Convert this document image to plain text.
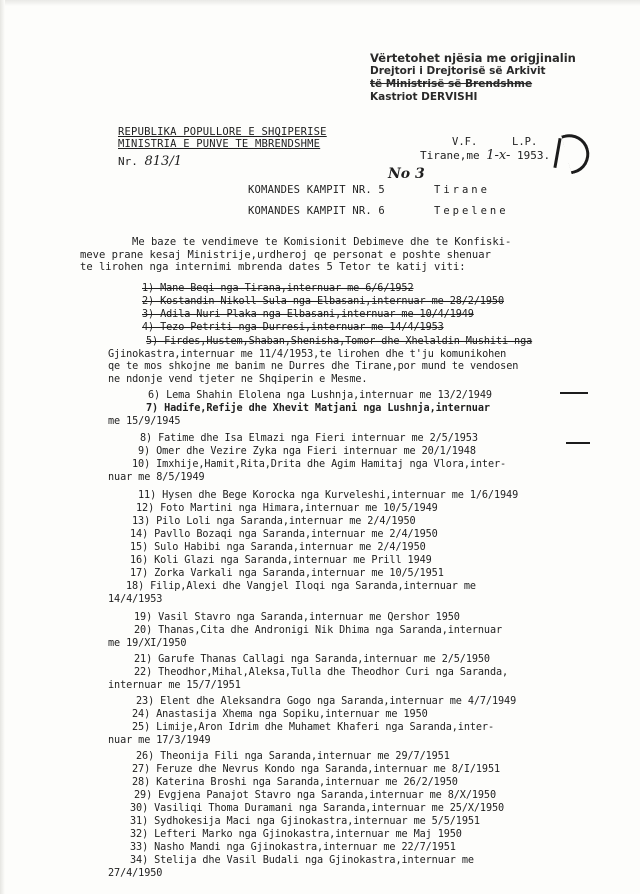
Vërtetohet njësia me origjinalin
Drejtori i Drejtorisë së Arkivit
të Ministrisë së Brendshme
Kastriot DERVISHI
REPUBLIKA POPULLORE E SHQIPERISE
MINISTRIA E PUNVE TE MBRENDSHME
Nr. 813/1
V.F.	L.P.
Tirane,me 1-x- 1953.
No 3
KOMANDES KAMPIT NR. 5	Tirane
KOMANDES KAMPIT NR. 6	Tepelene
Me baze te vendimeve te Komisionit Debimeve dhe te Konfiski-
meve prane kesaj Ministrije,urdheroj qe personat e poshte shenuar
te lirohen nga internimi mbrenda dates 5 Tetor te katij viti:
1) Mane Beqi nga Tirana,internuar me 6/6/1952
2) Kostandin Nikoll Sula nga Elbasani,internuar me 28/2/1950
3) Adila Nuri Plaka nga Elbasani,internuar me 10/4/1949
4) Tezo Petriti nga Durresi,internuar me 14/4/1953
5) Firdes,Hustem,Shaban,Shenisha,Tomor dhe Xhelaldin Mushiti nga
Gjinokastra,internuar me 11/4/1953,te lirohen dhe t'ju komunikohen
qe te mos shkojne me banim ne Durres dhe Tirane,por mund te vendosen
ne ndonje vend tjeter ne Shqiperin e Mesme.
6) Lema Shahin Elolena nga Lushnja,internuar me 13/2/1949
7) Hadife,Refije dhe Xhevit Matjani nga Lushnja,internuar
me 15/9/1945
8) Fatime dhe Isa Elmazi nga Fieri internuar me 2/5/1953
9) Omer dhe Vezire Zyka nga Fieri internuar me 20/1/1948
10) Imxhije,Hamit,Rita,Drita dhe Agim Hamitaj nga Vlora,inter-
nuar me 8/5/1949
11) Hysen dhe Bege Korocka nga Kurveleshi,internuar me 1/6/1949
12) Foto Martini nga Himara,internuar me 10/5/1949
13) Pilo Loli nga Saranda,internuar me 2/4/1950
14) Pavllo Bozaqi nga Saranda,internuar me 2/4/1950
15) Sulo Habibi nga Saranda,internuar me 2/4/1950
16) Koli Glazi nga Saranda,internuar me Prill 1949
17) Zorka Varkali nga Saranda,internuar me 10/5/1951
18) Filip,Alexi dhe Vangjel Iloqi nga Saranda,internuar me
14/4/1953
19) Vasil Stavro nga Saranda,internuar me Qershor 1950
20) Thanas,Cita dhe Andronigi Nik Dhima nga Saranda,internuar
me 19/XI/1950
21) Garufe Thanas Callagi nga Saranda,internuar me 2/5/1950
22) Theodhor,Mihal,Aleksa,Tulla dhe Theodhor Curi nga Saranda,
internuar me 15/7/1951
23) Elent dhe Aleksandra Gogo nga Saranda,internuar me 4/7/1949
24) Anastasija Xhema nga Sopiku,internuar me 1950
25) Limije,Aron Idrim dhe Muhamet Khaferi nga Saranda,inter-
nuar me 17/3/1949
26) Theonija Fili nga Saranda,internuar me 29/7/1951
27) Feruze dhe Nevrus Kondo nga Saranda,internuar me 8/I/1951
28) Katerina Broshi nga Saranda,internuar me 26/2/1950
29) Evgjena Panajot Stavro nga Saranda,internuar me 8/X/1950
30) Vasiliqi Thoma Duramani nga Saranda,internuar me 25/X/1950
31) Sydhokesija Maci nga Gjinokastra,internuar me 5/5/1951
32) Lefteri Marko nga Gjinokastra,internuar me Maj 1950
33) Nasho Mandi nga Gjinokastra,internuar me 22/7/1951
34) Stelija dhe Vasil Budali nga Gjinokastra,internuar me
27/4/1950
